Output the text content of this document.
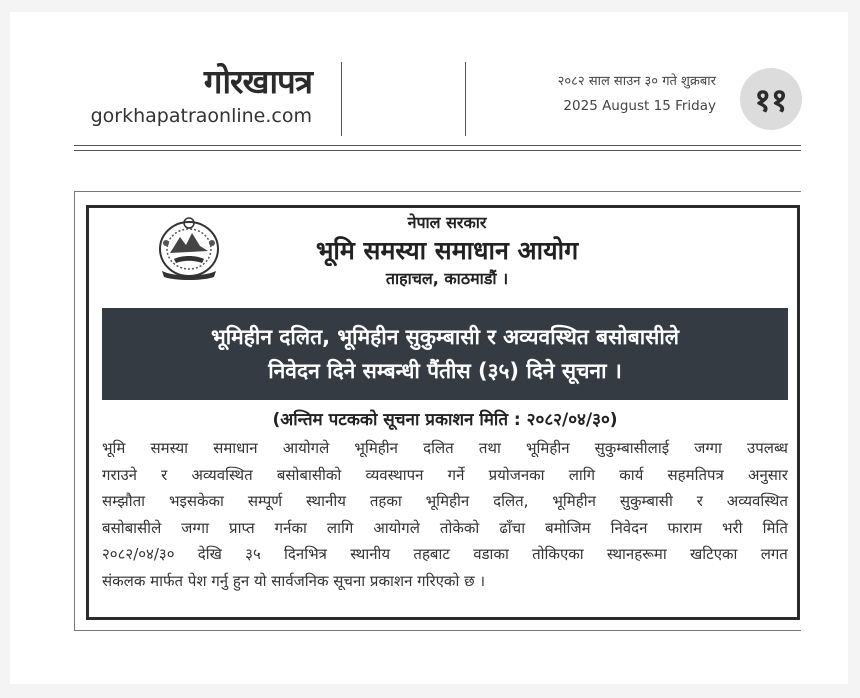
गोरखापत्र
gorkhapatraonline.com
२०८२ साल साउन ३० गते शुक्रबार
2025 August 15 Friday	११
नेपाल सरकार
भूमि समस्या समाधान आयोग
ताहाचल, काठमाडौं ।
भूमिहीन दलित, भूमिहीन सुकुम्बासी र अव्यवस्थित बसोबासीले
निवेदन दिने सम्बन्धी पैंतीस (३५) दिने सूचना ।
(अन्तिम पटकको सूचना प्रकाशन मिति : २०८२/०४/३०)
भूमि समस्या समाधान आयोगले भूमिहीन दलित तथा भूमिहीन सुकुम्बासीलाई जग्गा उपलब्ध
गराउने र अव्यवस्थित बसोबासीको व्यवस्थापन गर्ने प्रयोजनका लागि कार्य सहमतिपत्र अनुसार
सम्झौता भइसकेका सम्पूर्ण स्थानीय तहका भूमिहीन दलित, भूमिहीन सुकुम्बासी र अव्यवस्थित
बसोबासीले जग्गा प्राप्त गर्नका लागि आयोगले तोकेको ढाँचा बमोजिम निवेदन फाराम भरी मिति
२०८२/०४/३० देखि ३५ दिनभित्र स्थानीय तहबाट वडाका तोकिएका स्थानहरूमा खटिएका लगत
संकलक मार्फत पेश गर्नु हुन यो सार्वजनिक सूचना प्रकाशन गरिएको छ ।
